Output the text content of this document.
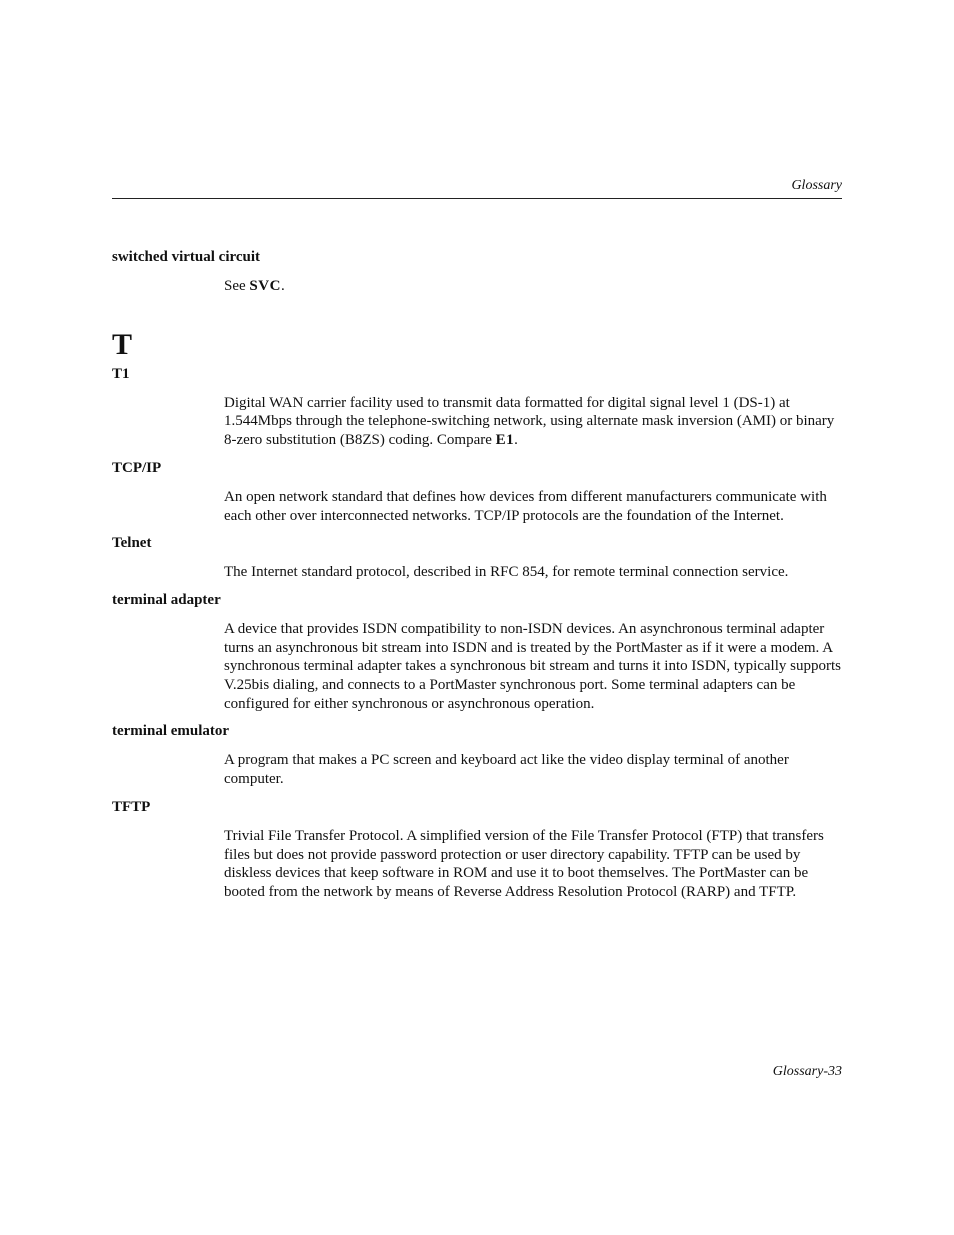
Glossary

switched virtual circuit

See SVC.

T

T1

Digital WAN carrier facility used to transmit data formatted for digital signal level 1 (DS-1) at 1.544Mbps through the telephone-switching network, using alternate mask inversion (AMI) or binary 8-zero substitution (B8ZS) coding. Compare E1.

TCP/IP

An open network standard that defines how devices from different manufacturers communicate with each other over interconnected networks. TCP/IP protocols are the foundation of the Internet.

Telnet

The Internet standard protocol, described in RFC 854, for remote terminal connection service.

terminal adapter

A device that provides ISDN compatibility to non-ISDN devices. An asynchronous terminal adapter turns an asynchronous bit stream into ISDN and is treated by the PortMaster as if it were a modem. A synchronous terminal adapter takes a synchronous bit stream and turns it into ISDN, typically supports V.25bis dialing, and connects to a PortMaster synchronous port. Some terminal adapters can be configured for either synchronous or asynchronous operation.

terminal emulator

A program that makes a PC screen and keyboard act like the video display terminal of another computer.

TFTP

Trivial File Transfer Protocol. A simplified version of the File Transfer Protocol (FTP) that transfers files but does not provide password protection or user directory capability. TFTP can be used by diskless devices that keep software in ROM and use it to boot themselves. The PortMaster can be booted from the network by means of Reverse Address Resolution Protocol (RARP) and TFTP.

Glossary-33
